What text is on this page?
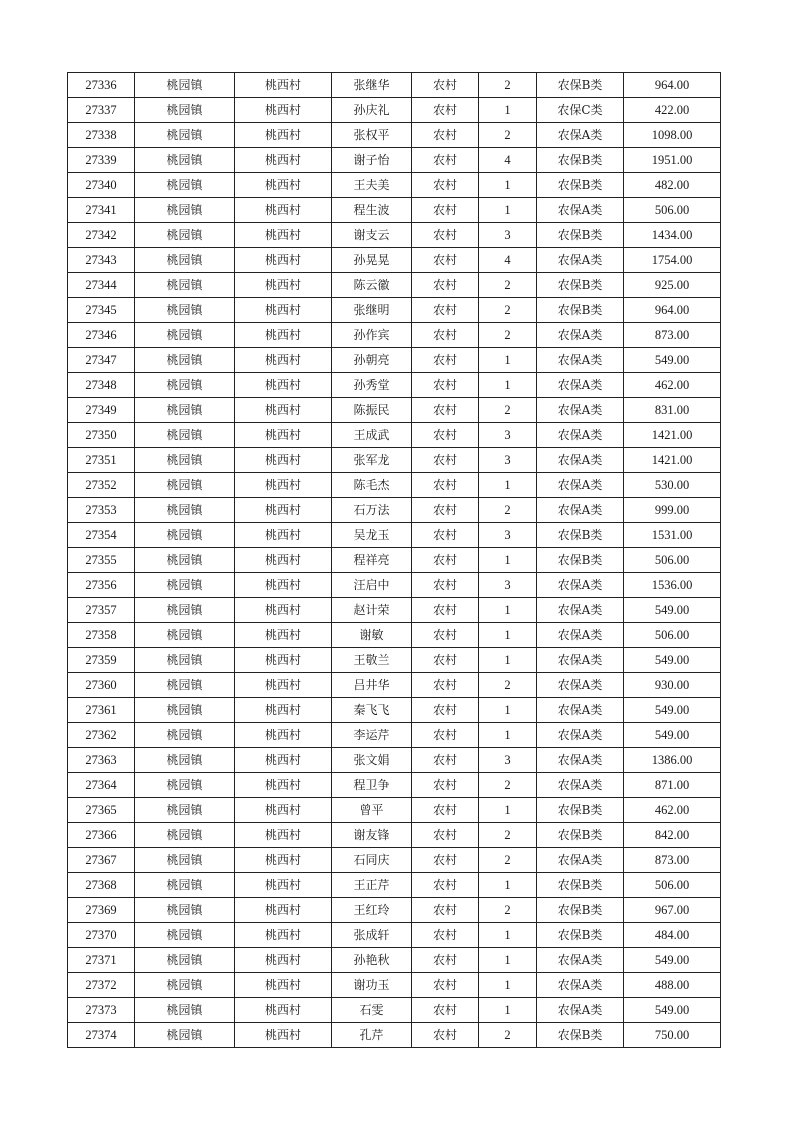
27336	桃园镇	桃西村	张继华	农村	2	农保B类	964.00
27337	桃园镇	桃西村	孙庆礼	农村	1	农保C类	422.00
27338	桃园镇	桃西村	张权平	农村	2	农保A类	1098.00
27339	桃园镇	桃西村	谢子怡	农村	4	农保B类	1951.00
27340	桃园镇	桃西村	王夫美	农村	1	农保B类	482.00
27341	桃园镇	桃西村	程生波	农村	1	农保A类	506.00
27342	桃园镇	桃西村	谢支云	农村	3	农保B类	1434.00
27343	桃园镇	桃西村	孙晃晃	农村	4	农保A类	1754.00
27344	桃园镇	桃西村	陈云徽	农村	2	农保B类	925.00
27345	桃园镇	桃西村	张继明	农村	2	农保B类	964.00
27346	桃园镇	桃西村	孙作宾	农村	2	农保A类	873.00
27347	桃园镇	桃西村	孙朝亮	农村	1	农保A类	549.00
27348	桃园镇	桃西村	孙秀堂	农村	1	农保A类	462.00
27349	桃园镇	桃西村	陈振民	农村	2	农保A类	831.00
27350	桃园镇	桃西村	王成武	农村	3	农保A类	1421.00
27351	桃园镇	桃西村	张军龙	农村	3	农保A类	1421.00
27352	桃园镇	桃西村	陈毛杰	农村	1	农保A类	530.00
27353	桃园镇	桃西村	石万法	农村	2	农保A类	999.00
27354	桃园镇	桃西村	吴龙玉	农村	3	农保B类	1531.00
27355	桃园镇	桃西村	程祥亮	农村	1	农保B类	506.00
27356	桃园镇	桃西村	汪启中	农村	3	农保A类	1536.00
27357	桃园镇	桃西村	赵计荣	农村	1	农保A类	549.00
27358	桃园镇	桃西村	谢敏	农村	1	农保A类	506.00
27359	桃园镇	桃西村	王敬兰	农村	1	农保A类	549.00
27360	桃园镇	桃西村	吕井华	农村	2	农保A类	930.00
27361	桃园镇	桃西村	秦飞飞	农村	1	农保A类	549.00
27362	桃园镇	桃西村	李运芹	农村	1	农保A类	549.00
27363	桃园镇	桃西村	张文娟	农村	3	农保A类	1386.00
27364	桃园镇	桃西村	程卫争	农村	2	农保A类	871.00
27365	桃园镇	桃西村	曾平	农村	1	农保B类	462.00
27366	桃园镇	桃西村	谢友锋	农村	2	农保B类	842.00
27367	桃园镇	桃西村	石同庆	农村	2	农保A类	873.00
27368	桃园镇	桃西村	王正芹	农村	1	农保B类	506.00
27369	桃园镇	桃西村	王红玲	农村	2	农保B类	967.00
27370	桃园镇	桃西村	张成轩	农村	1	农保B类	484.00
27371	桃园镇	桃西村	孙艳秋	农村	1	农保A类	549.00
27372	桃园镇	桃西村	谢功玉	农村	1	农保A类	488.00
27373	桃园镇	桃西村	石雯	农村	1	农保A类	549.00
27374	桃园镇	桃西村	孔芹	农村	2	农保B类	750.00
